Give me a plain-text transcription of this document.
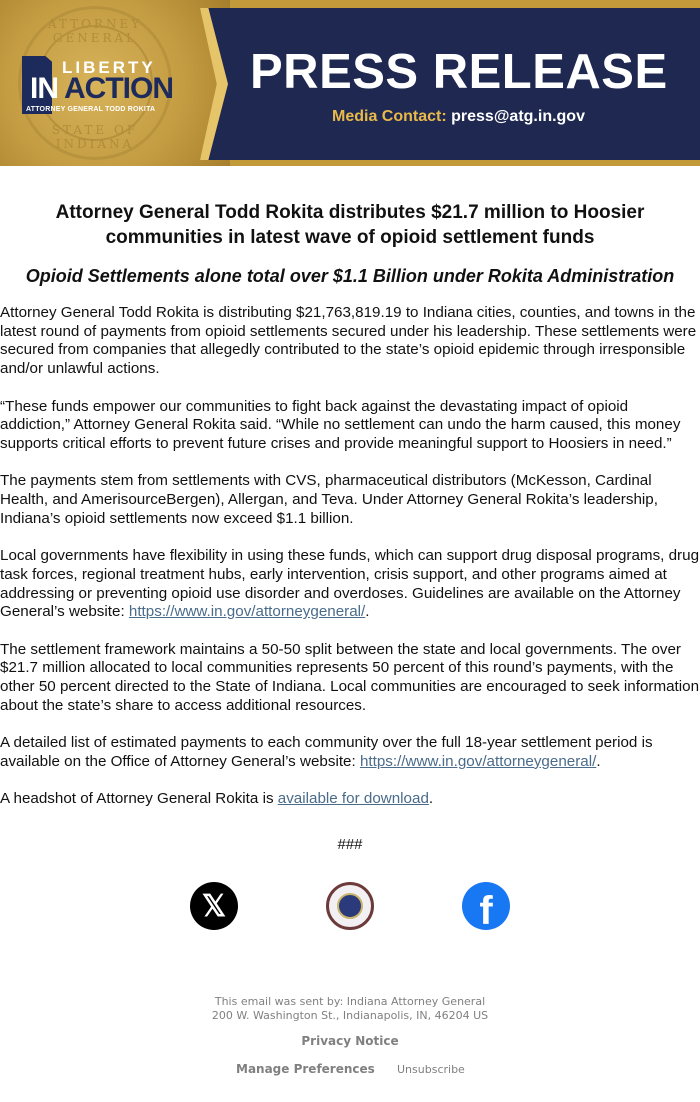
ATTORNEY GENERAL
STATE OF INDIANA
LIBERTY
IN ACTION
ATTORNEY GENERAL TODD ROKITA
PRESS RELEASE
Media Contact: press@atg.in.gov
Attorney General Todd Rokita distributes $21.7 million to Hoosier communities in latest wave of opioid settlement funds
Opioid Settlements alone total over $1.1 Billion under Rokita Administration

Attorney General Todd Rokita is distributing $21,763,819.19 to Indiana cities, counties, and towns in the latest round of payments from opioid settlements secured under his leadership. These settlements were secured from companies that allegedly contributed to the state’s opioid epidemic through irresponsible and/or unlawful actions.

“These funds empower our communities to fight back against the devastating impact of opioid addiction,” Attorney General Rokita said. “While no settlement can undo the harm caused, this money supports critical efforts to prevent future crises and provide meaningful support to Hoosiers in need.”

The payments stem from settlements with CVS, pharmaceutical distributors (McKesson, Cardinal Health, and AmerisourceBergen), Allergan, and Teva. Under Attorney General Rokita’s leadership, Indiana’s opioid settlements now exceed $1.1 billion.

Local governments have flexibility in using these funds, which can support drug disposal programs, drug task forces, regional treatment hubs, early intervention, crisis support, and other programs aimed at addressing or preventing opioid use disorder and overdoses. Guidelines are available on the Attorney General’s website: https://www.in.gov/attorneygeneral/.

The settlement framework maintains a 50-50 split between the state and local governments. The over $21.7 million allocated to local communities represents 50 percent of this round’s payments, with the other 50 percent directed to the State of Indiana. Local communities are encouraged to seek information about the state’s share to access additional resources.

A detailed list of estimated payments to each community over the full 18-year settlement period is available on the Office of Attorney General’s website: https://www.in.gov/attorneygeneral/.

A headshot of Attorney General Rokita is available for download.

###
𝕏	f
This email was sent by: Indiana Attorney General
200 W. Washington St., Indianapolis, IN, 46204 US
Privacy Notice
Manage Preferences Unsubscribe
